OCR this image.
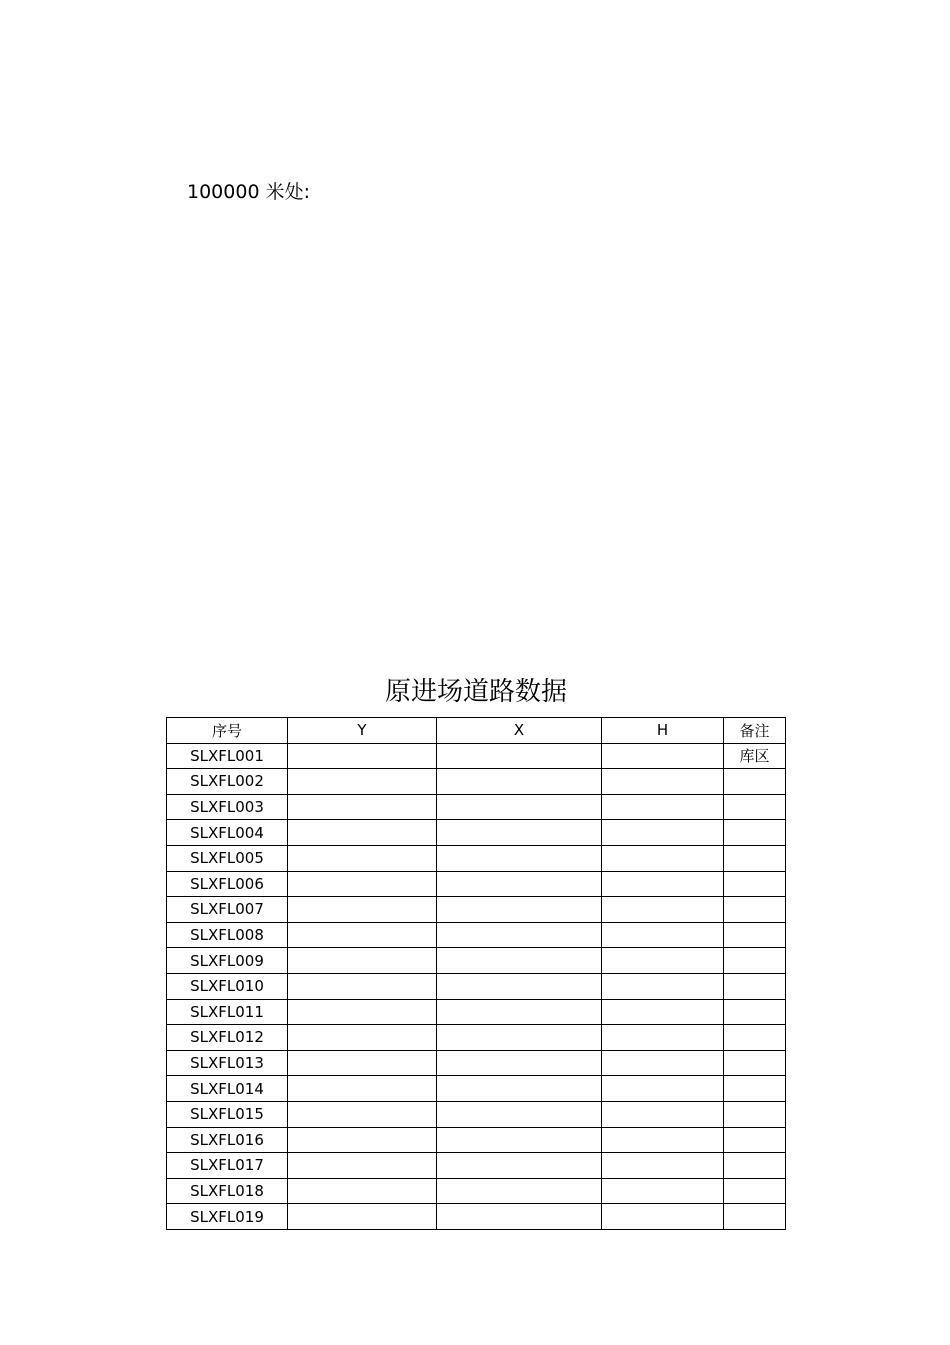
100000 米处:
原进场道路数据
序号	Y	X	H	备注
SLXFL001				库区
SLXFL002				
SLXFL003				
SLXFL004				
SLXFL005				
SLXFL006				
SLXFL007				
SLXFL008				
SLXFL009				
SLXFL010				
SLXFL011				
SLXFL012				
SLXFL013				
SLXFL014				
SLXFL015				
SLXFL016				
SLXFL017				
SLXFL018				
SLXFL019				
